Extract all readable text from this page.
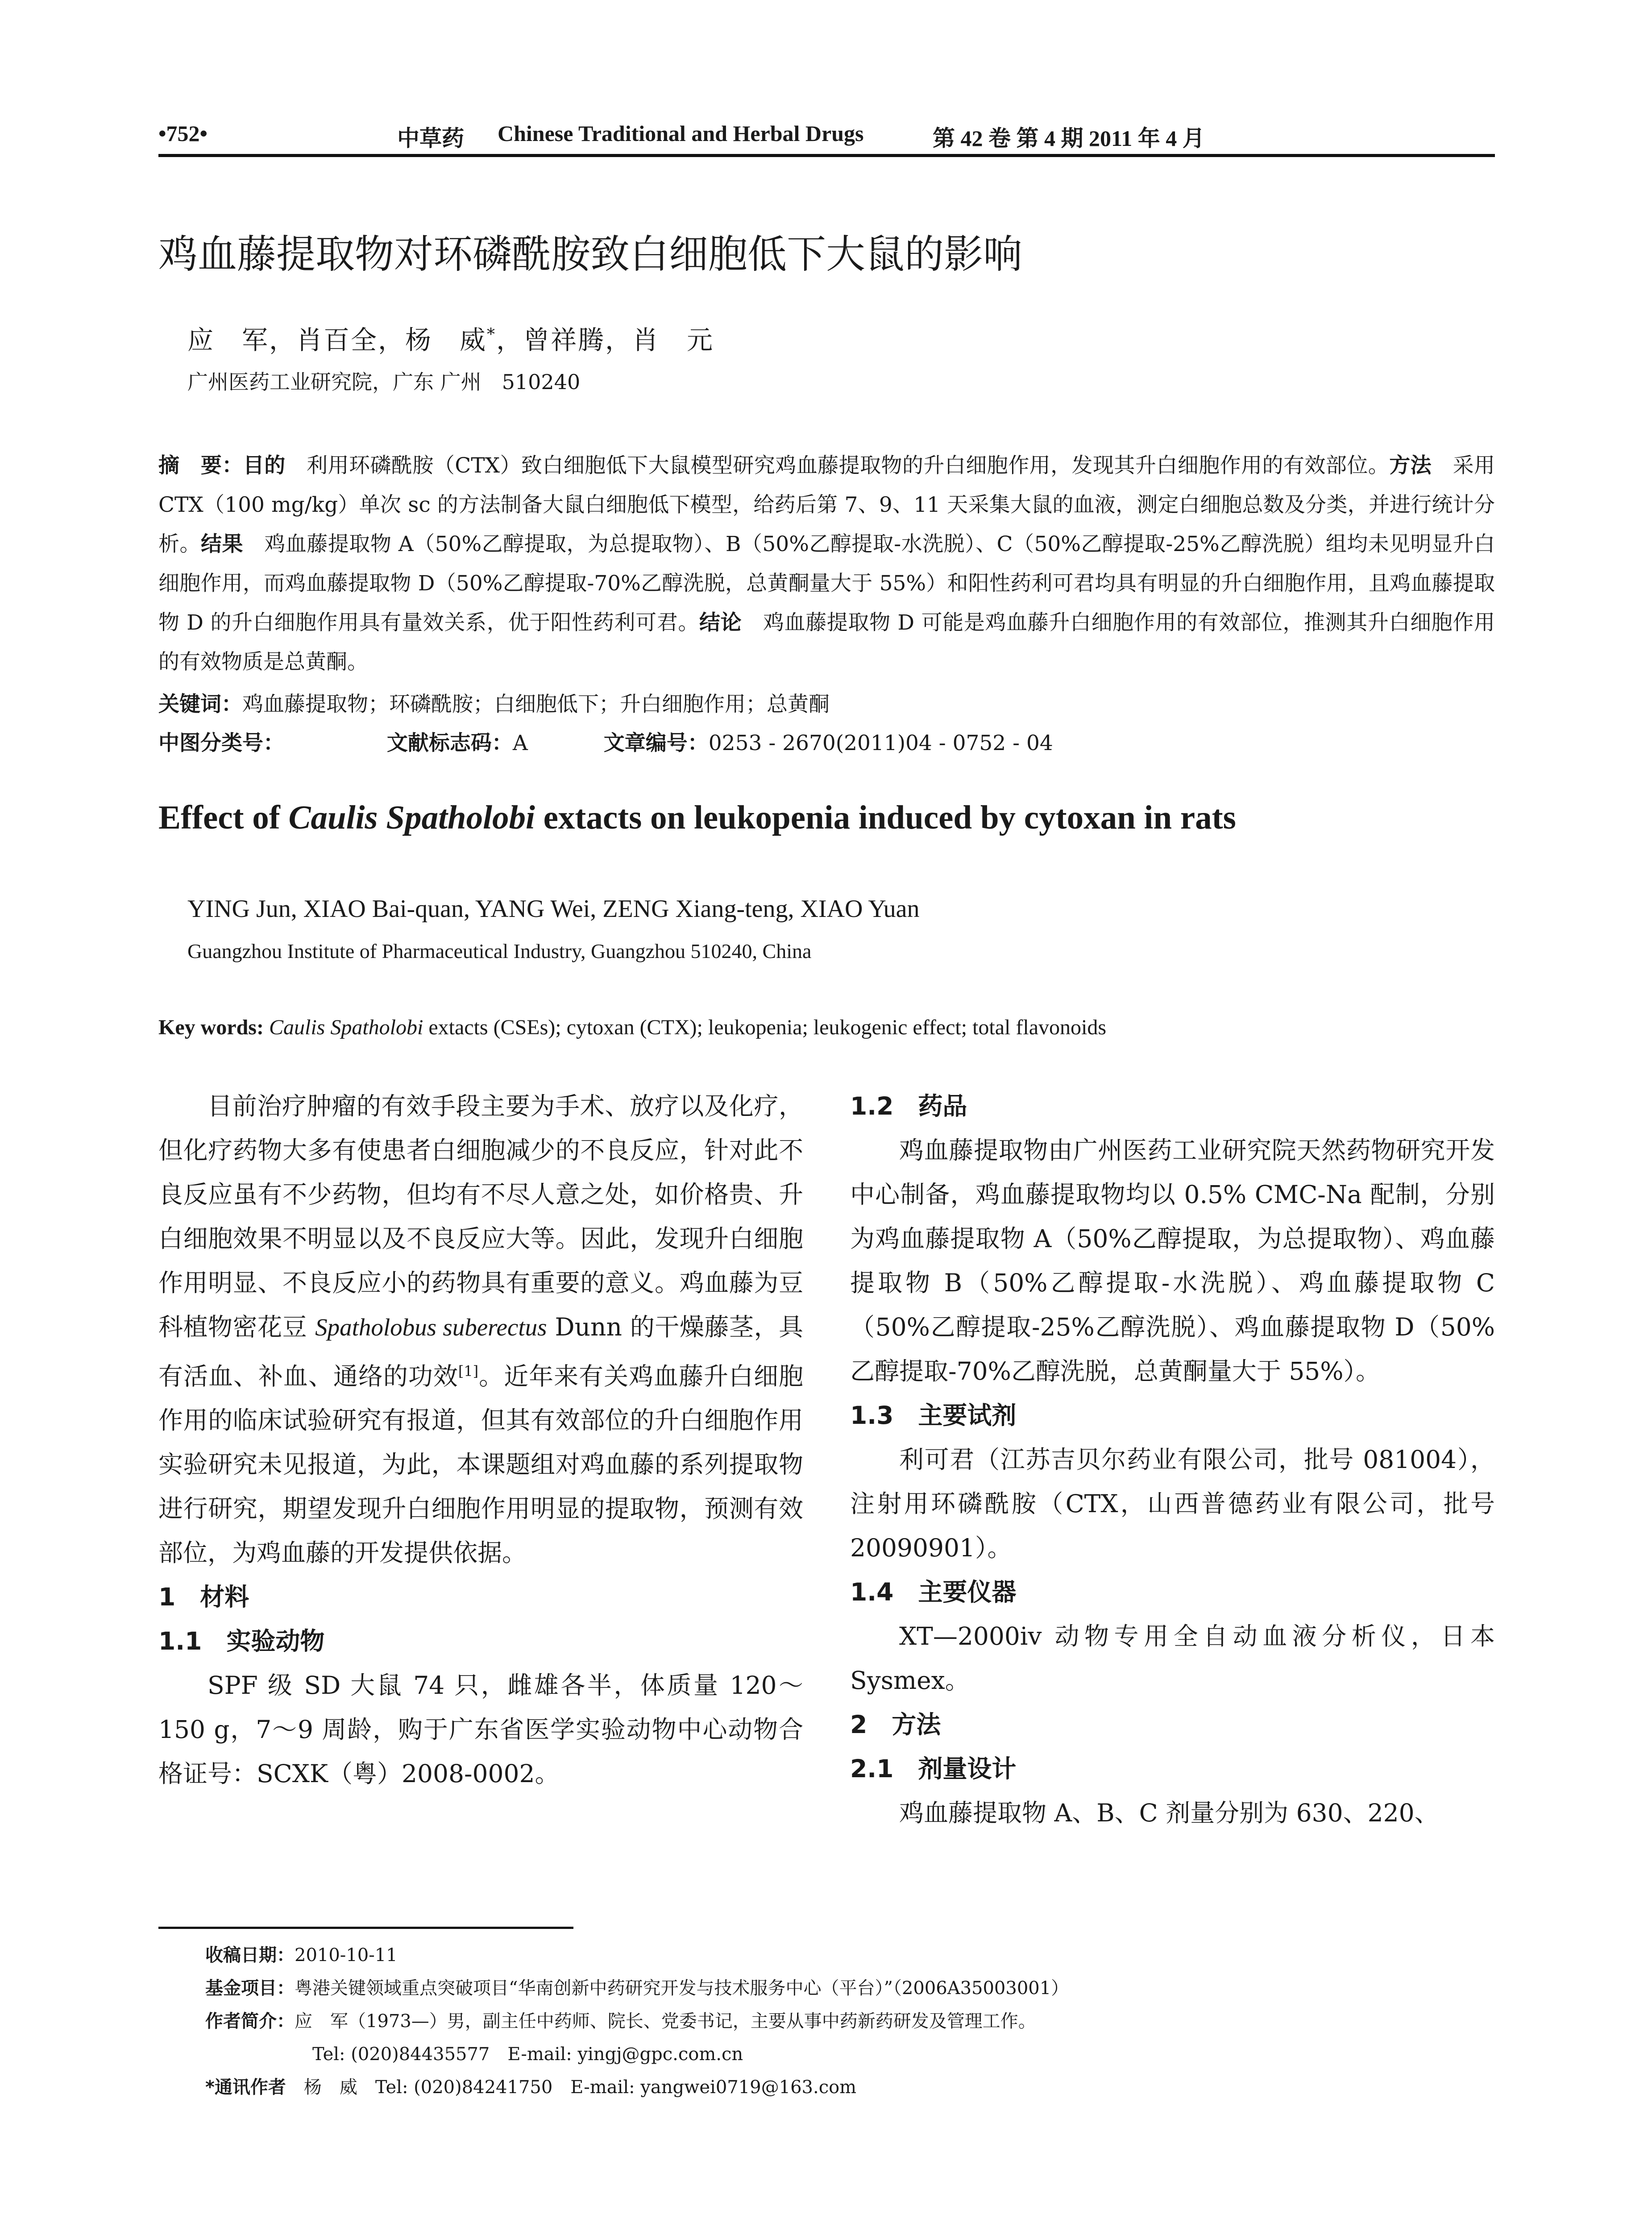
•752•	中草药 Chinese Traditional and Herbal Drugs	第 42 卷 第 4 期 2011 年 4 月
鸡血藤提取物对环磷酰胺致白细胞低下大鼠的影响
应　军，肖百全，杨　威*，曾祥腾，肖　元
广州医药工业研究院，广东 广州　510240
摘　要：目的　利用环磷酰胺（CTX）致白细胞低下大鼠模型研究鸡血藤提取物的升白细胞作用，发现其升白细胞作用的有效部位。方法　采用 CTX（100 mg/kg）单次 sc 的方法制备大鼠白细胞低下模型，给药后第 7、9、11 天采集大鼠的血液，测定白细胞总数及分类，并进行统计分析。结果　鸡血藤提取物 A（50%乙醇提取，为总提取物）、B（50%乙醇提取-水洗脱）、C（50%乙醇提取-25%乙醇洗脱）组均未见明显升白细胞作用，而鸡血藤提取物 D（50%乙醇提取-70%乙醇洗脱，总黄酮量大于 55%）和阳性药利可君均具有明显的升白细胞作用，且鸡血藤提取物 D 的升白细胞作用具有量效关系，优于阳性药利可君。结论　鸡血藤提取物 D 可能是鸡血藤升白细胞作用的有效部位，推测其升白细胞作用的有效物质是总黄酮。
关键词：鸡血藤提取物；环磷酰胺；白细胞低下；升白细胞作用；总黄酮
中图分类号：	文献标志码：A	文章编号：0253 - 2670(2011)04 - 0752 - 04
Effect of Caulis Spatholobi extacts on leukopenia induced by cytoxan in rats
YING Jun, XIAO Bai-quan, YANG Wei, ZENG Xiang-teng, XIAO Yuan
Guangzhou Institute of Pharmaceutical Industry, Guangzhou 510240, China
Key words: Caulis Spatholobi extacts (CSEs); cytoxan (CTX); leukopenia; leukogenic effect; total flavonoids

目前治疗肿瘤的有效手段主要为手术、放疗以及化疗，但化疗药物大多有使患者白细胞减少的不良反应，针对此不良反应虽有不少药物，但均有不尽人意之处，如价格贵、升白细胞效果不明显以及不良反应大等。因此，发现升白细胞作用明显、不良反应小的药物具有重要的意义。鸡血藤为豆科植物密花豆 Spatholobus suberectus Dunn 的干燥藤茎，具有活血、补血、通络的功效[1]。近年来有关鸡血藤升白细胞作用的临床试验研究有报道，但其有效部位的升白细胞作用实验研究未见报道，为此，本课题组对鸡血藤的系列提取物进行研究，期望发现升白细胞作用明显的提取物，预测有效部位，为鸡血藤的开发提供依据。

1　材料
1.1　实验动物

SPF 级 SD 大鼠 74 只，雌雄各半，体质量 120～150 g，7～9 周龄，购于广东省医学实验动物中心动物合格证号：SCXK（粤）2008-0002。

1.2　药品

鸡血藤提取物由广州医药工业研究院天然药物研究开发中心制备，鸡血藤提取物均以 0.5% CMC-Na 配制，分别为鸡血藤提取物 A（50%乙醇提取，为总提取物）、鸡血藤提取物 B（50%乙醇提取-水洗脱）、鸡血藤提取物 C（50%乙醇提取-25%乙醇洗脱）、鸡血藤提取物 D（50%乙醇提取-70%乙醇洗脱，总黄酮量大于 55%）。

1.3　主要试剂

利可君（江苏吉贝尔药业有限公司，批号 081004），注射用环磷酰胺（CTX，山西普德药业有限公司，批号 20090901）。

1.4　主要仪器

XT—2000iv 动物专用全自动血液分析仪，日本 Sysmex。

2　方法
2.1　剂量设计

鸡血藤提取物 A、B、C 剂量分别为 630、220、

收稿日期：2010-10-11
基金项目：粤港关键领域重点突破项目“华南创新中药研究开发与技术服务中心（平台）”（2006A35003001）
作者简介：应　军（1973—）男，副主任中药师、院长、党委书记，主要从事中药新药研发及管理工作。
Tel: (020)84435577　E-mail: yingj@gpc.com.cn
*通讯作者　杨　威　Tel: (020)84241750　E-mail: yangwei0719@163.com
